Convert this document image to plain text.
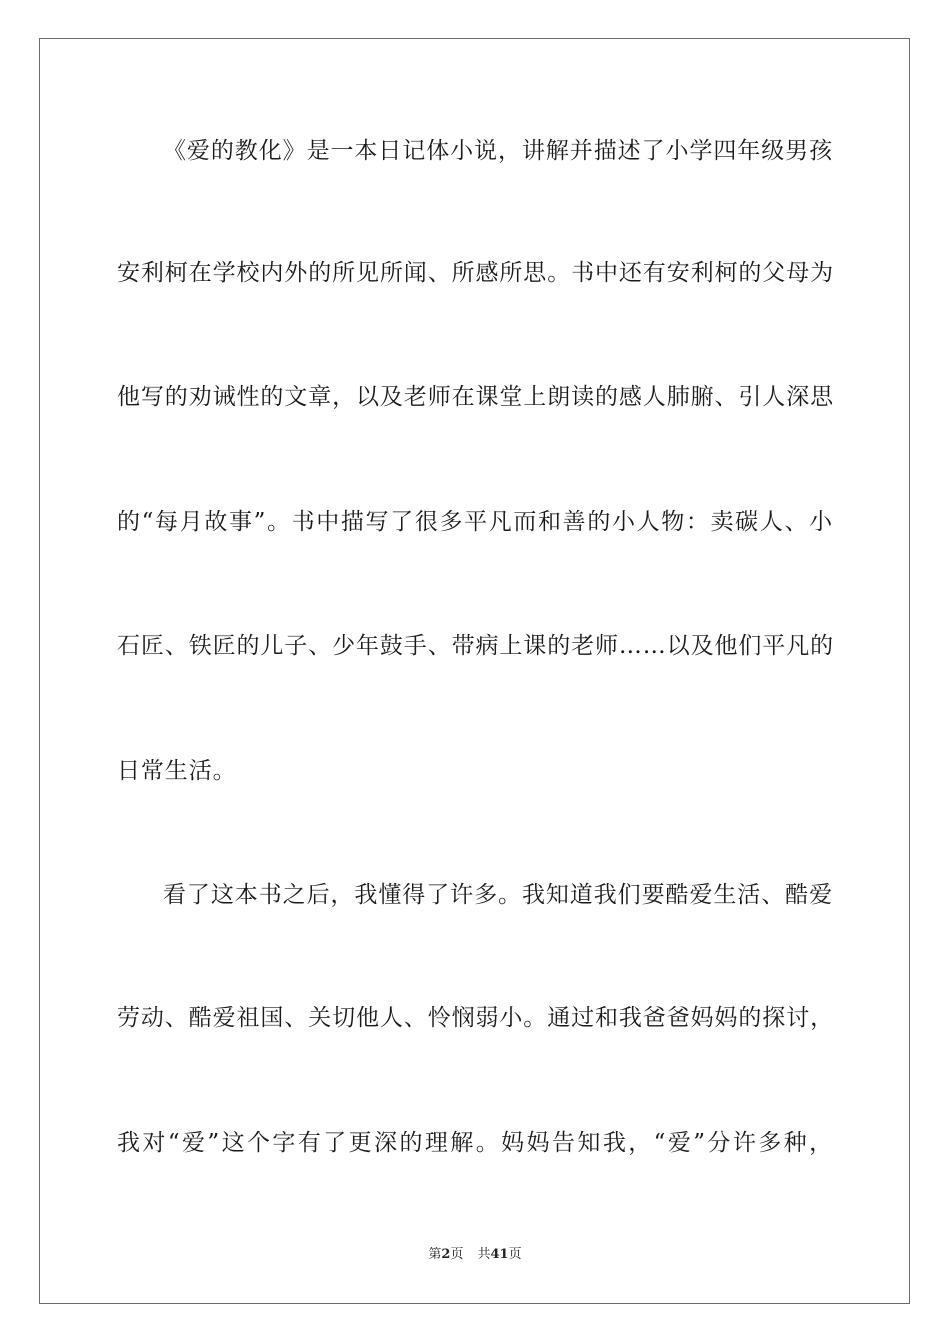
《爱的教化》是一本日记体小说，讲解并描述了小学四年级男孩
安利柯在学校内外的所见所闻、所感所思。书中还有安利柯的父母为
他写的劝诫性的文章，以及老师在课堂上朗读的感人肺腑、引人深思
的“每月故事”。书中描写了很多平凡而和善的小人物：卖碳人、小
石匠、铁匠的儿子、少年鼓手、带病上课的老师……以及他们平凡的
日常生活。
看了这本书之后，我懂得了许多。我知道我们要酷爱生活、酷爱
劳动、酷爱祖国、关切他人、怜悯弱小。通过和我爸爸妈妈的探讨，
我对“爱”这个字有了更深的理解。妈妈告知我，“爱”分许多种，
第2页 共41页
